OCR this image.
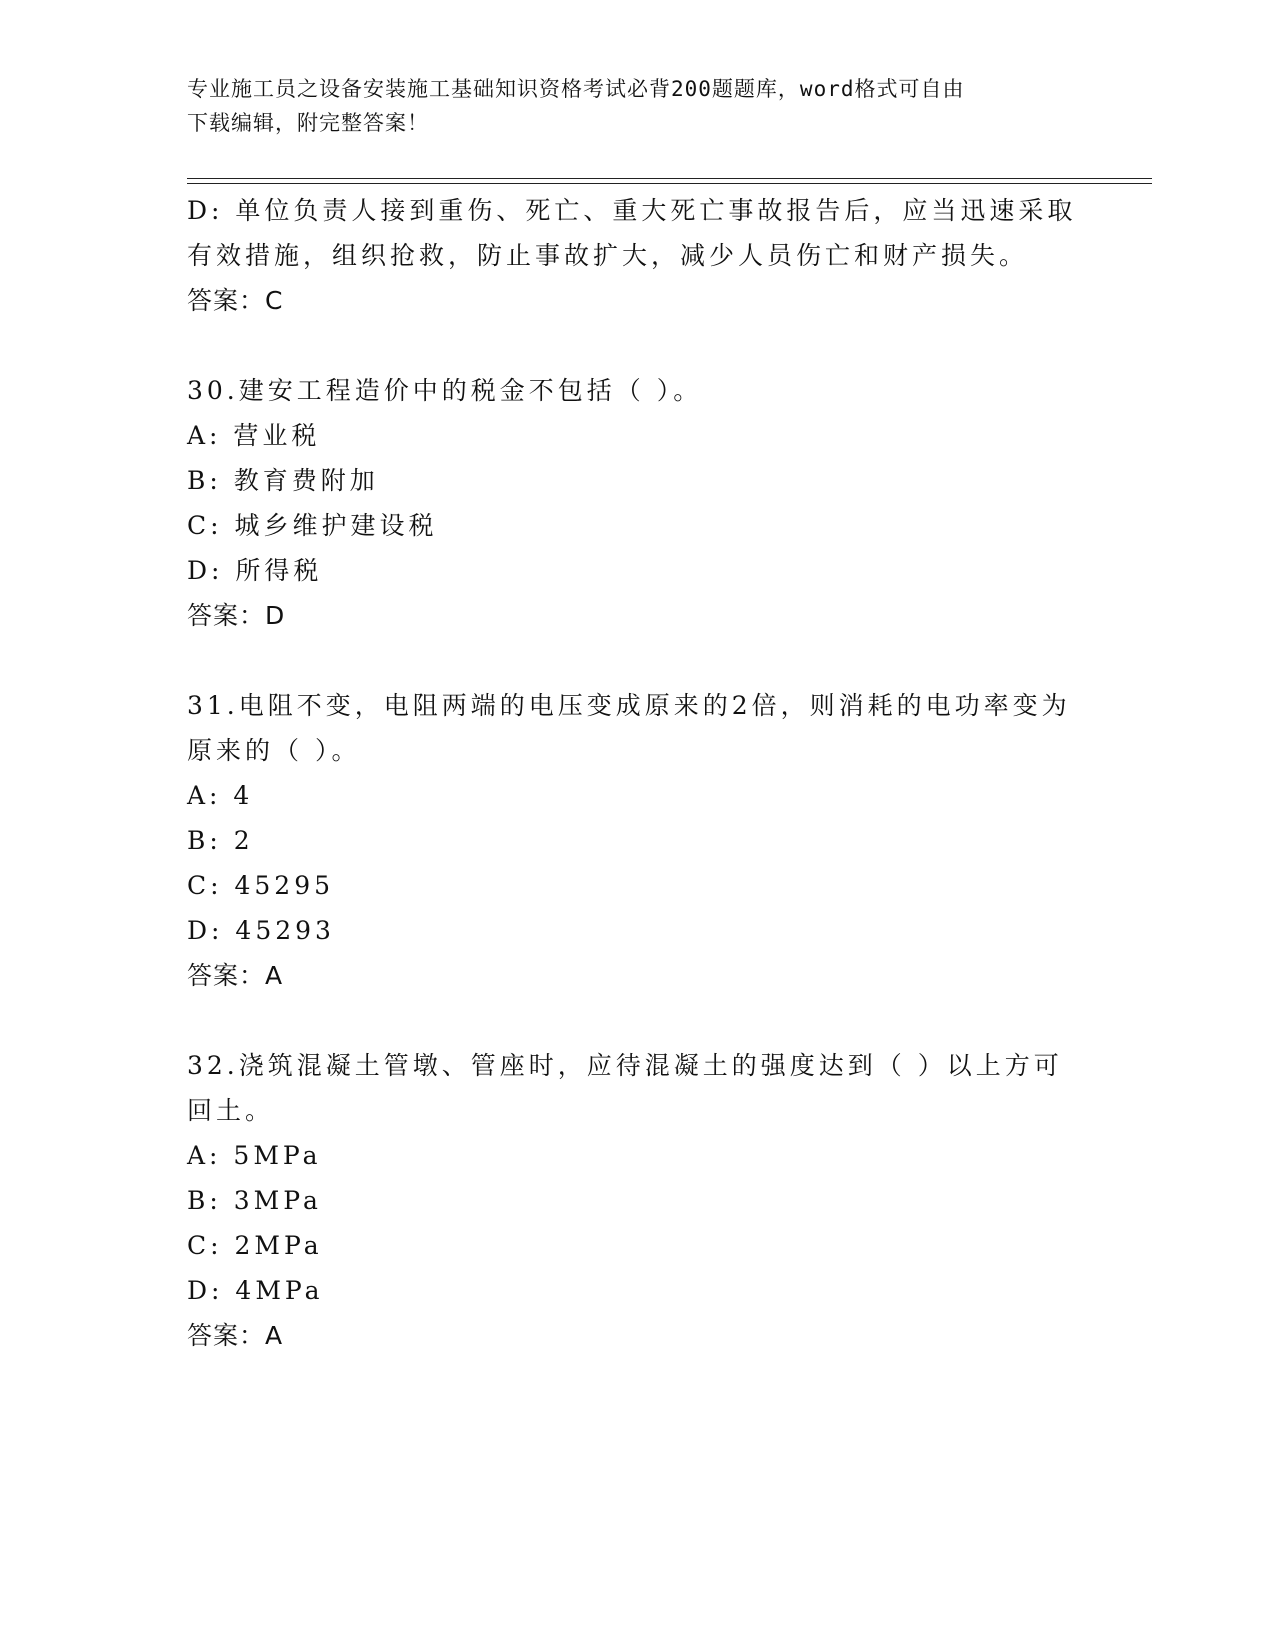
专业施工员之设备安装施工基础知识资格考试必背200题题库，word格式可自由
下载编辑，附完整答案！
D: 单位负责人接到重伤、死亡、重大死亡事故报告后，应当迅速采取
有效措施，组织抢救，防止事故扩大，减少人员伤亡和财产损失。
答案：C
30.建安工程造价中的税金不包括（ ）。
A: 营业税
B: 教育费附加
C: 城乡维护建设税
D: 所得税
答案：D
31.电阻不变，电阻两端的电压变成原来的2倍，则消耗的电功率变为
原来的（ ）。
A: 4
B: 2
C: 45295
D: 45293
答案：A
32.浇筑混凝土管墩、管座时，应待混凝土的强度达到（ ）以上方可
回土。
A: 5MPa
B: 3MPa
C: 2MPa
D: 4MPa
答案：A
